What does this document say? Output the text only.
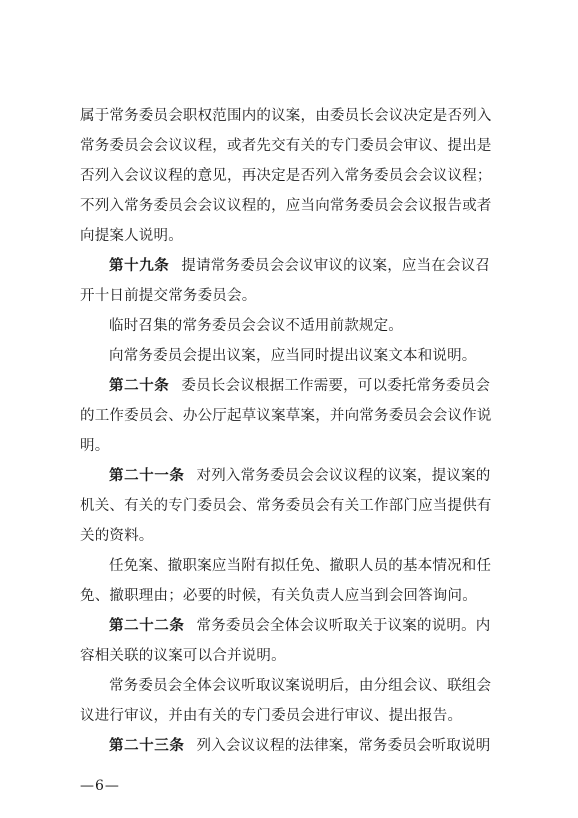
属于常务委员会职权范围内的议案，由委员长会议决定是否列入
常务委员会会议议程，或者先交有关的专门委员会审议、提出是
否列入会议议程的意见，再决定是否列入常务委员会会议议程；
不列入常务委员会会议议程的，应当向常务委员会会议报告或者
向提案人说明。
第十九条 提请常务委员会会议审议的议案，应当在会议召
开十日前提交常务委员会。
临时召集的常务委员会会议不适用前款规定。
向常务委员会提出议案，应当同时提出议案文本和说明。
第二十条 委员长会议根据工作需要，可以委托常务委员会
的工作委员会、办公厅起草议案草案，并向常务委员会会议作说
明。
第二十一条 对列入常务委员会会议议程的议案，提议案的
机关、有关的专门委员会、常务委员会有关工作部门应当提供有
关的资料。
任免案、撤职案应当附有拟任免、撤职人员的基本情况和任
免、撤职理由；必要的时候，有关负责人应当到会回答询问。
第二十二条 常务委员会全体会议听取关于议案的说明。内
容相关联的议案可以合并说明。
常务委员会全体会议听取议案说明后，由分组会议、联组会
议进行审议，并由有关的专门委员会进行审议、提出报告。
第二十三条 列入会议议程的法律案，常务委员会听取说明
—6—
